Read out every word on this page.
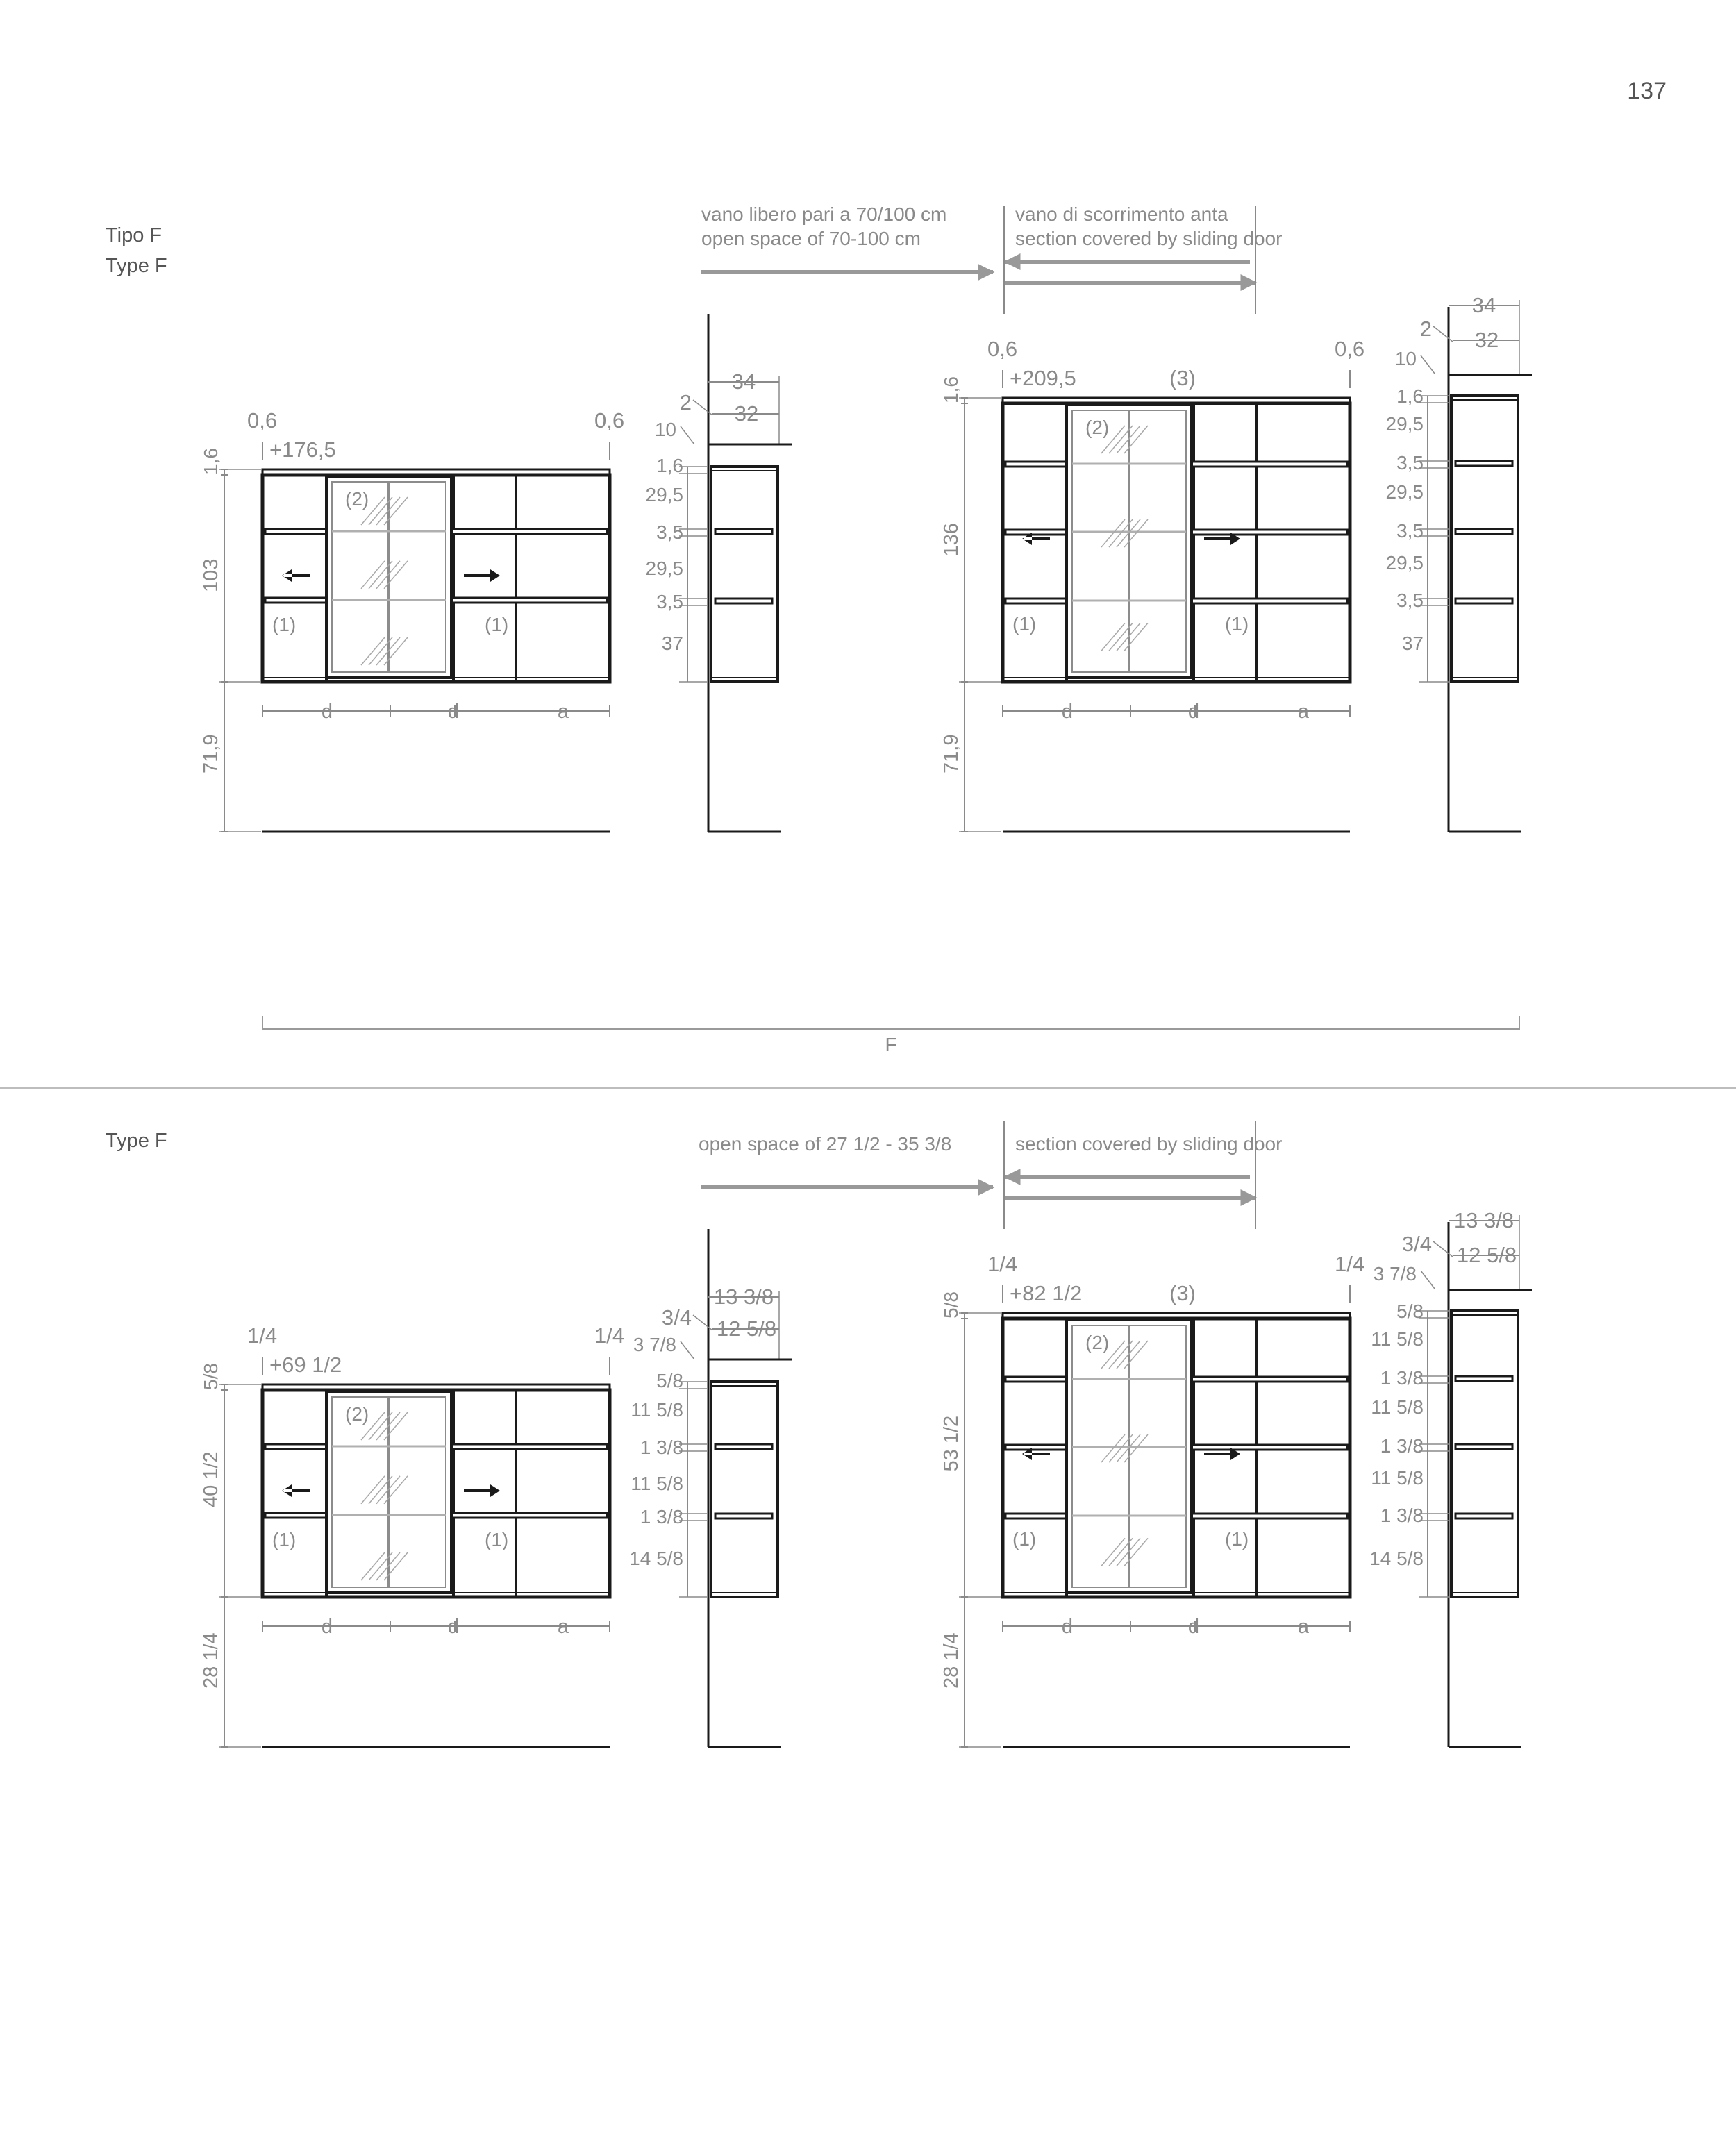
137
Tipo F
Type F
Type F
vano libero pari a 70/100 cm
open space of 70-100 cm
vano di scorrimento anta
section covered by sliding door
open space of 27 1/2 - 35 3/8	section covered by sliding door
F
(1)	(1)
(2)
0,6	0,6
+176,5
1,6
103
71,9
d	d	a
(1)	(1)
(2)
0,6	0,6
+209,5	(3)
1,6
136
71,9
d	d	a
34
32
2
10
1,6
29,5
3,5
29,5
3,5
37
34
32
2
10
1,6
29,5
3,5
29,5
3,5
29,5
3,5
37
(1)	(1)
(2)
1/4	1/4
+69 1/2
5/8
40 1/2
28 1/4
d	d	a
(1)	(1)
(2)
1/4	1/4
+82 1/2	(3)
5/8
53 1/2
28 1/4
d	d	a
13 3/8
12 5/8
3/4
3 7/8
5/8
11 5/8
1 3/8
11 5/8
1 3/8
14 5/8
13 3/8
12 5/8
3/4
3 7/8
5/8
11 5/8
1 3/8
11 5/8
1 3/8
11 5/8
1 3/8
14 5/8
